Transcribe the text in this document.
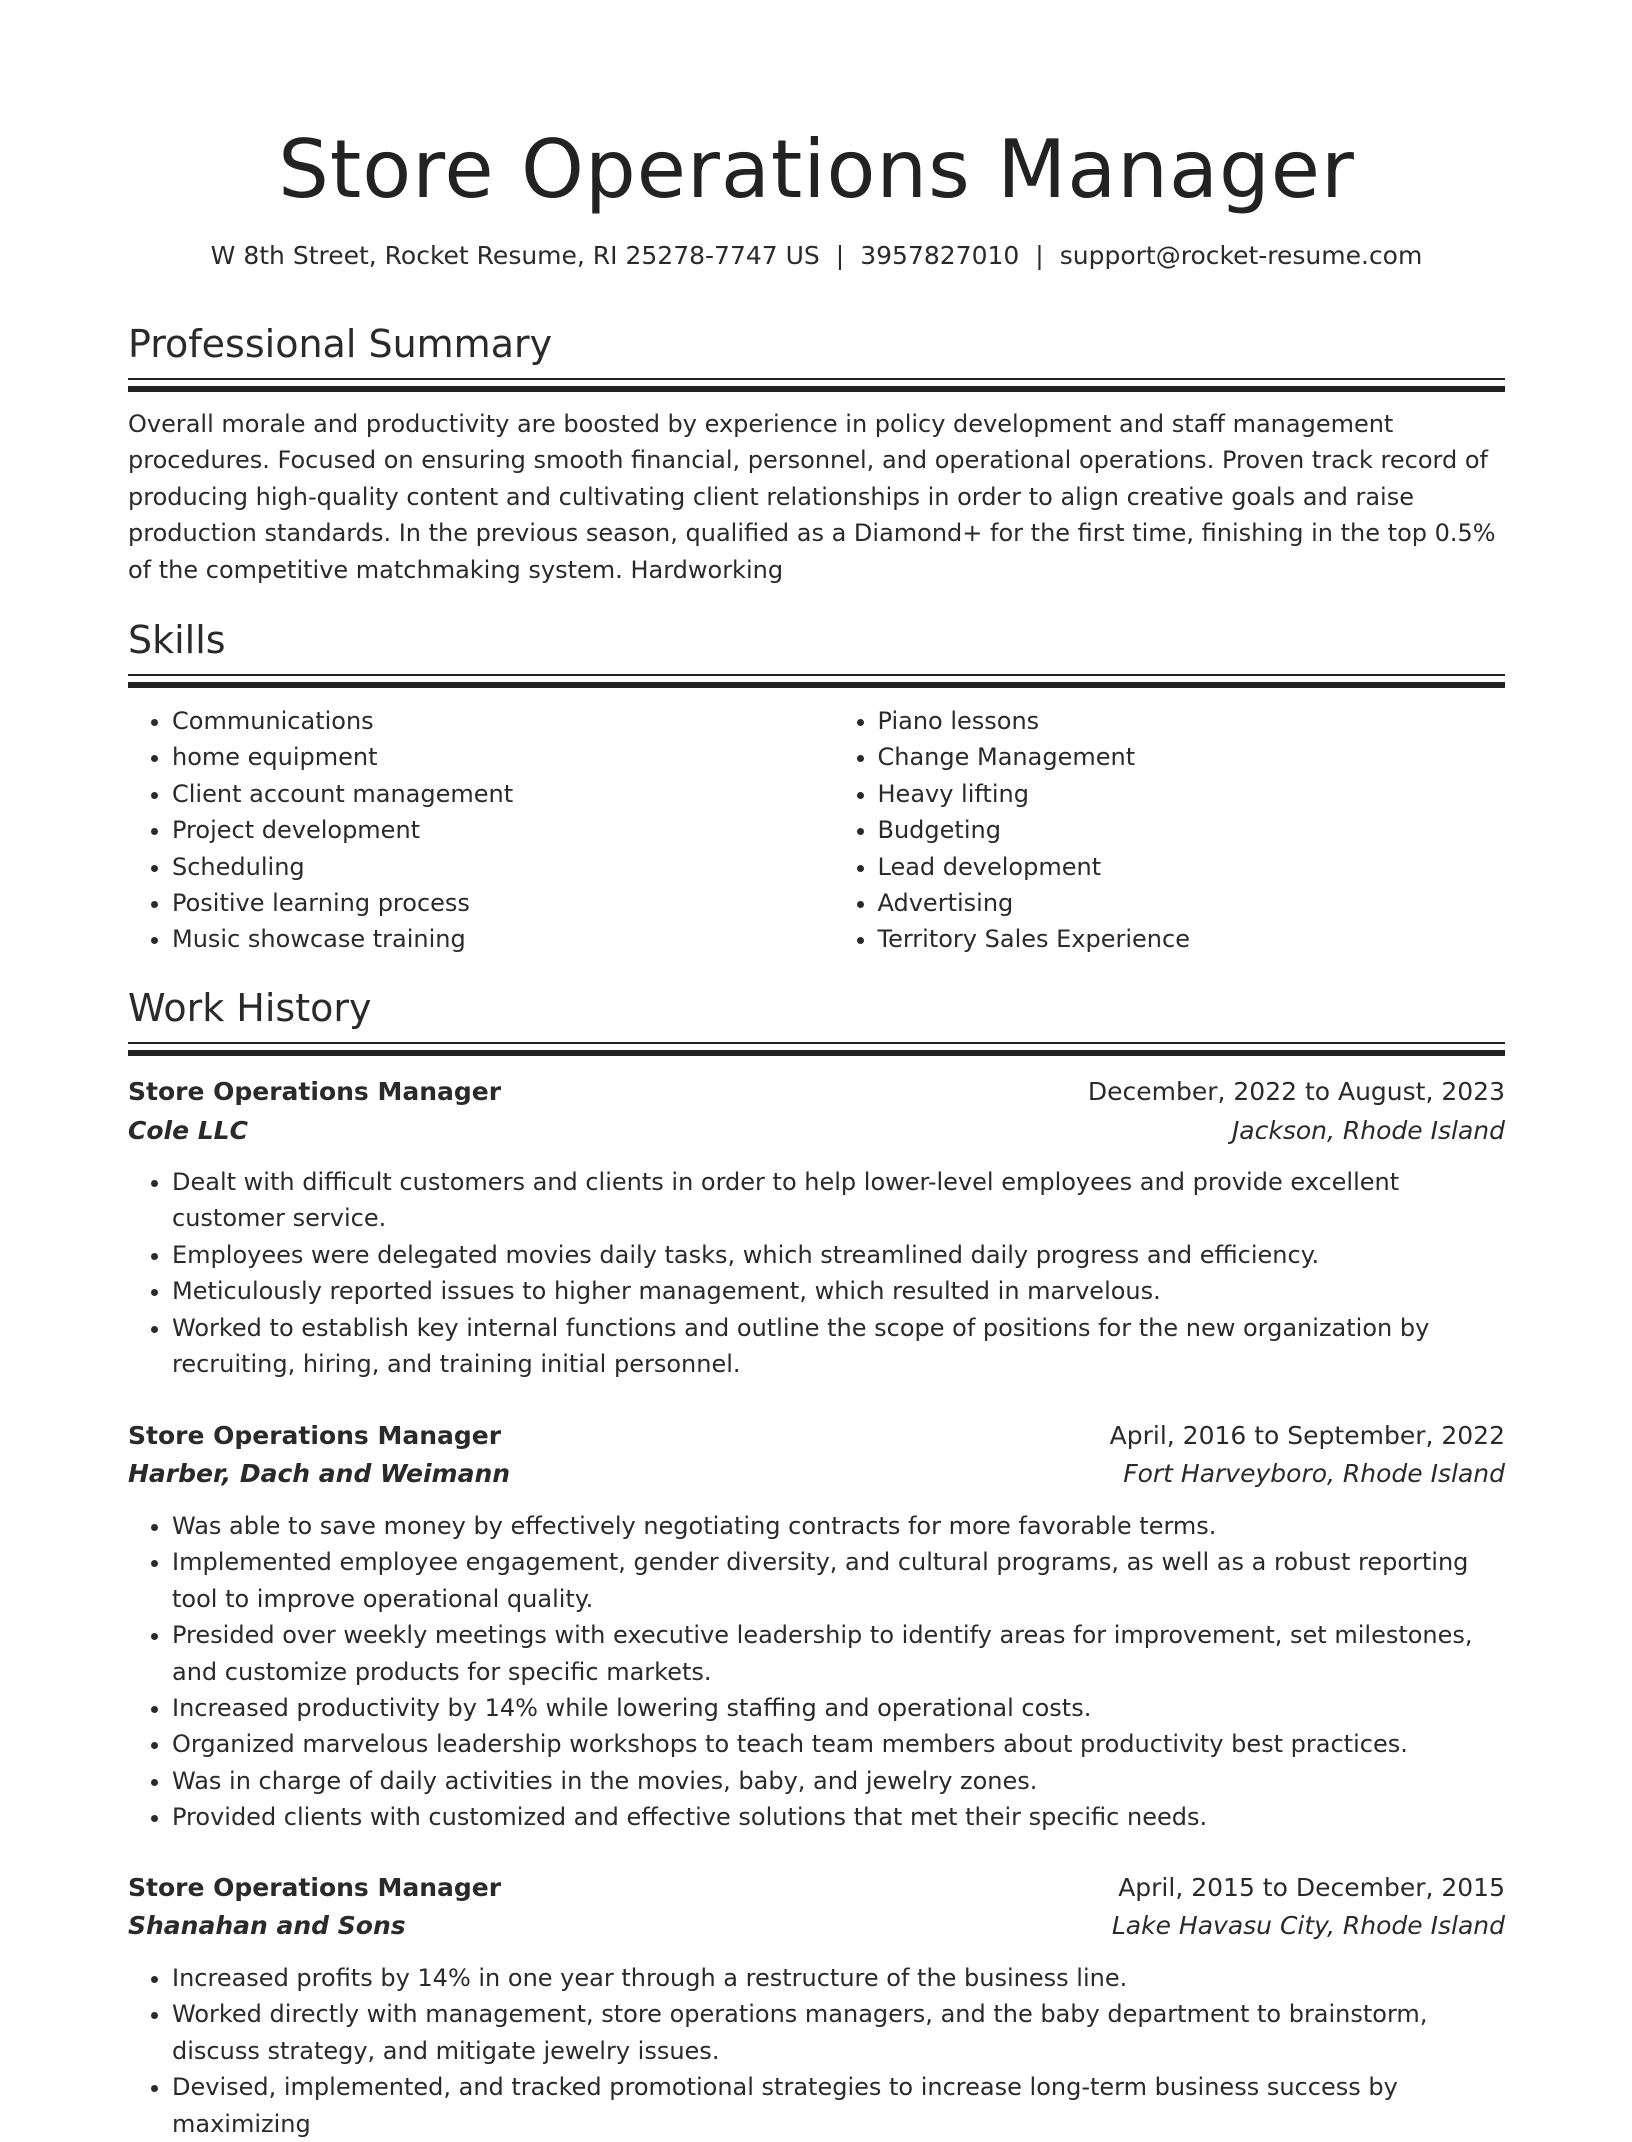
Store Operations Manager
W 8th Street, Rocket Resume, RI 25278-7747 US | 3957827010 | support@rocket-resume.com
Professional Summary
Overall morale and productivity are boosted by experience in policy development and staff management procedures. Focused on ensuring smooth financial, personnel, and operational operations. Proven track record of producing high-quality content and cultivating client relationships in order to align creative goals and raise production standards. In the previous season, qualified as a Diamond+ for the first time, finishing in the top 0.5% of the competitive matchmaking system. Hardworking
Skills
• Communications
• home equipment
• Client account management
• Project development
• Scheduling
• Positive learning process
• Music showcase training
• Piano lessons
• Change Management
• Heavy lifting
• Budgeting
• Lead development
• Advertising
• Territory Sales Experience
Work History
Store Operations Manager	December, 2022 to August, 2023
Cole LLC	Jackson, Rhode Island
• Dealt with difficult customers and clients in order to help lower-level employees and provide excellent customer service.
• Employees were delegated movies daily tasks, which streamlined daily progress and efficiency.
• Meticulously reported issues to higher management, which resulted in marvelous.
• Worked to establish key internal functions and outline the scope of positions for the new organization by recruiting, hiring, and training initial personnel.
Store Operations Manager	April, 2016 to September, 2022
Harber, Dach and Weimann	Fort Harveyboro, Rhode Island
• Was able to save money by effectively negotiating contracts for more favorable terms.
• Implemented employee engagement, gender diversity, and cultural programs, as well as a robust reporting tool to improve operational quality.
• Presided over weekly meetings with executive leadership to identify areas for improvement, set milestones, and customize products for specific markets.
• Increased productivity by 14% while lowering staffing and operational costs.
• Organized marvelous leadership workshops to teach team members about productivity best practices.
• Was in charge of daily activities in the movies, baby, and jewelry zones.
• Provided clients with customized and effective solutions that met their specific needs.
Store Operations Manager	April, 2015 to December, 2015
Shanahan and Sons	Lake Havasu City, Rhode Island
• Increased profits by 14% in one year through a restructure of the business line.
• Worked directly with management, store operations managers, and the baby department to brainstorm, discuss strategy, and mitigate jewelry issues.
• Devised, implemented, and tracked promotional strategies to increase long-term business success by maximizing
